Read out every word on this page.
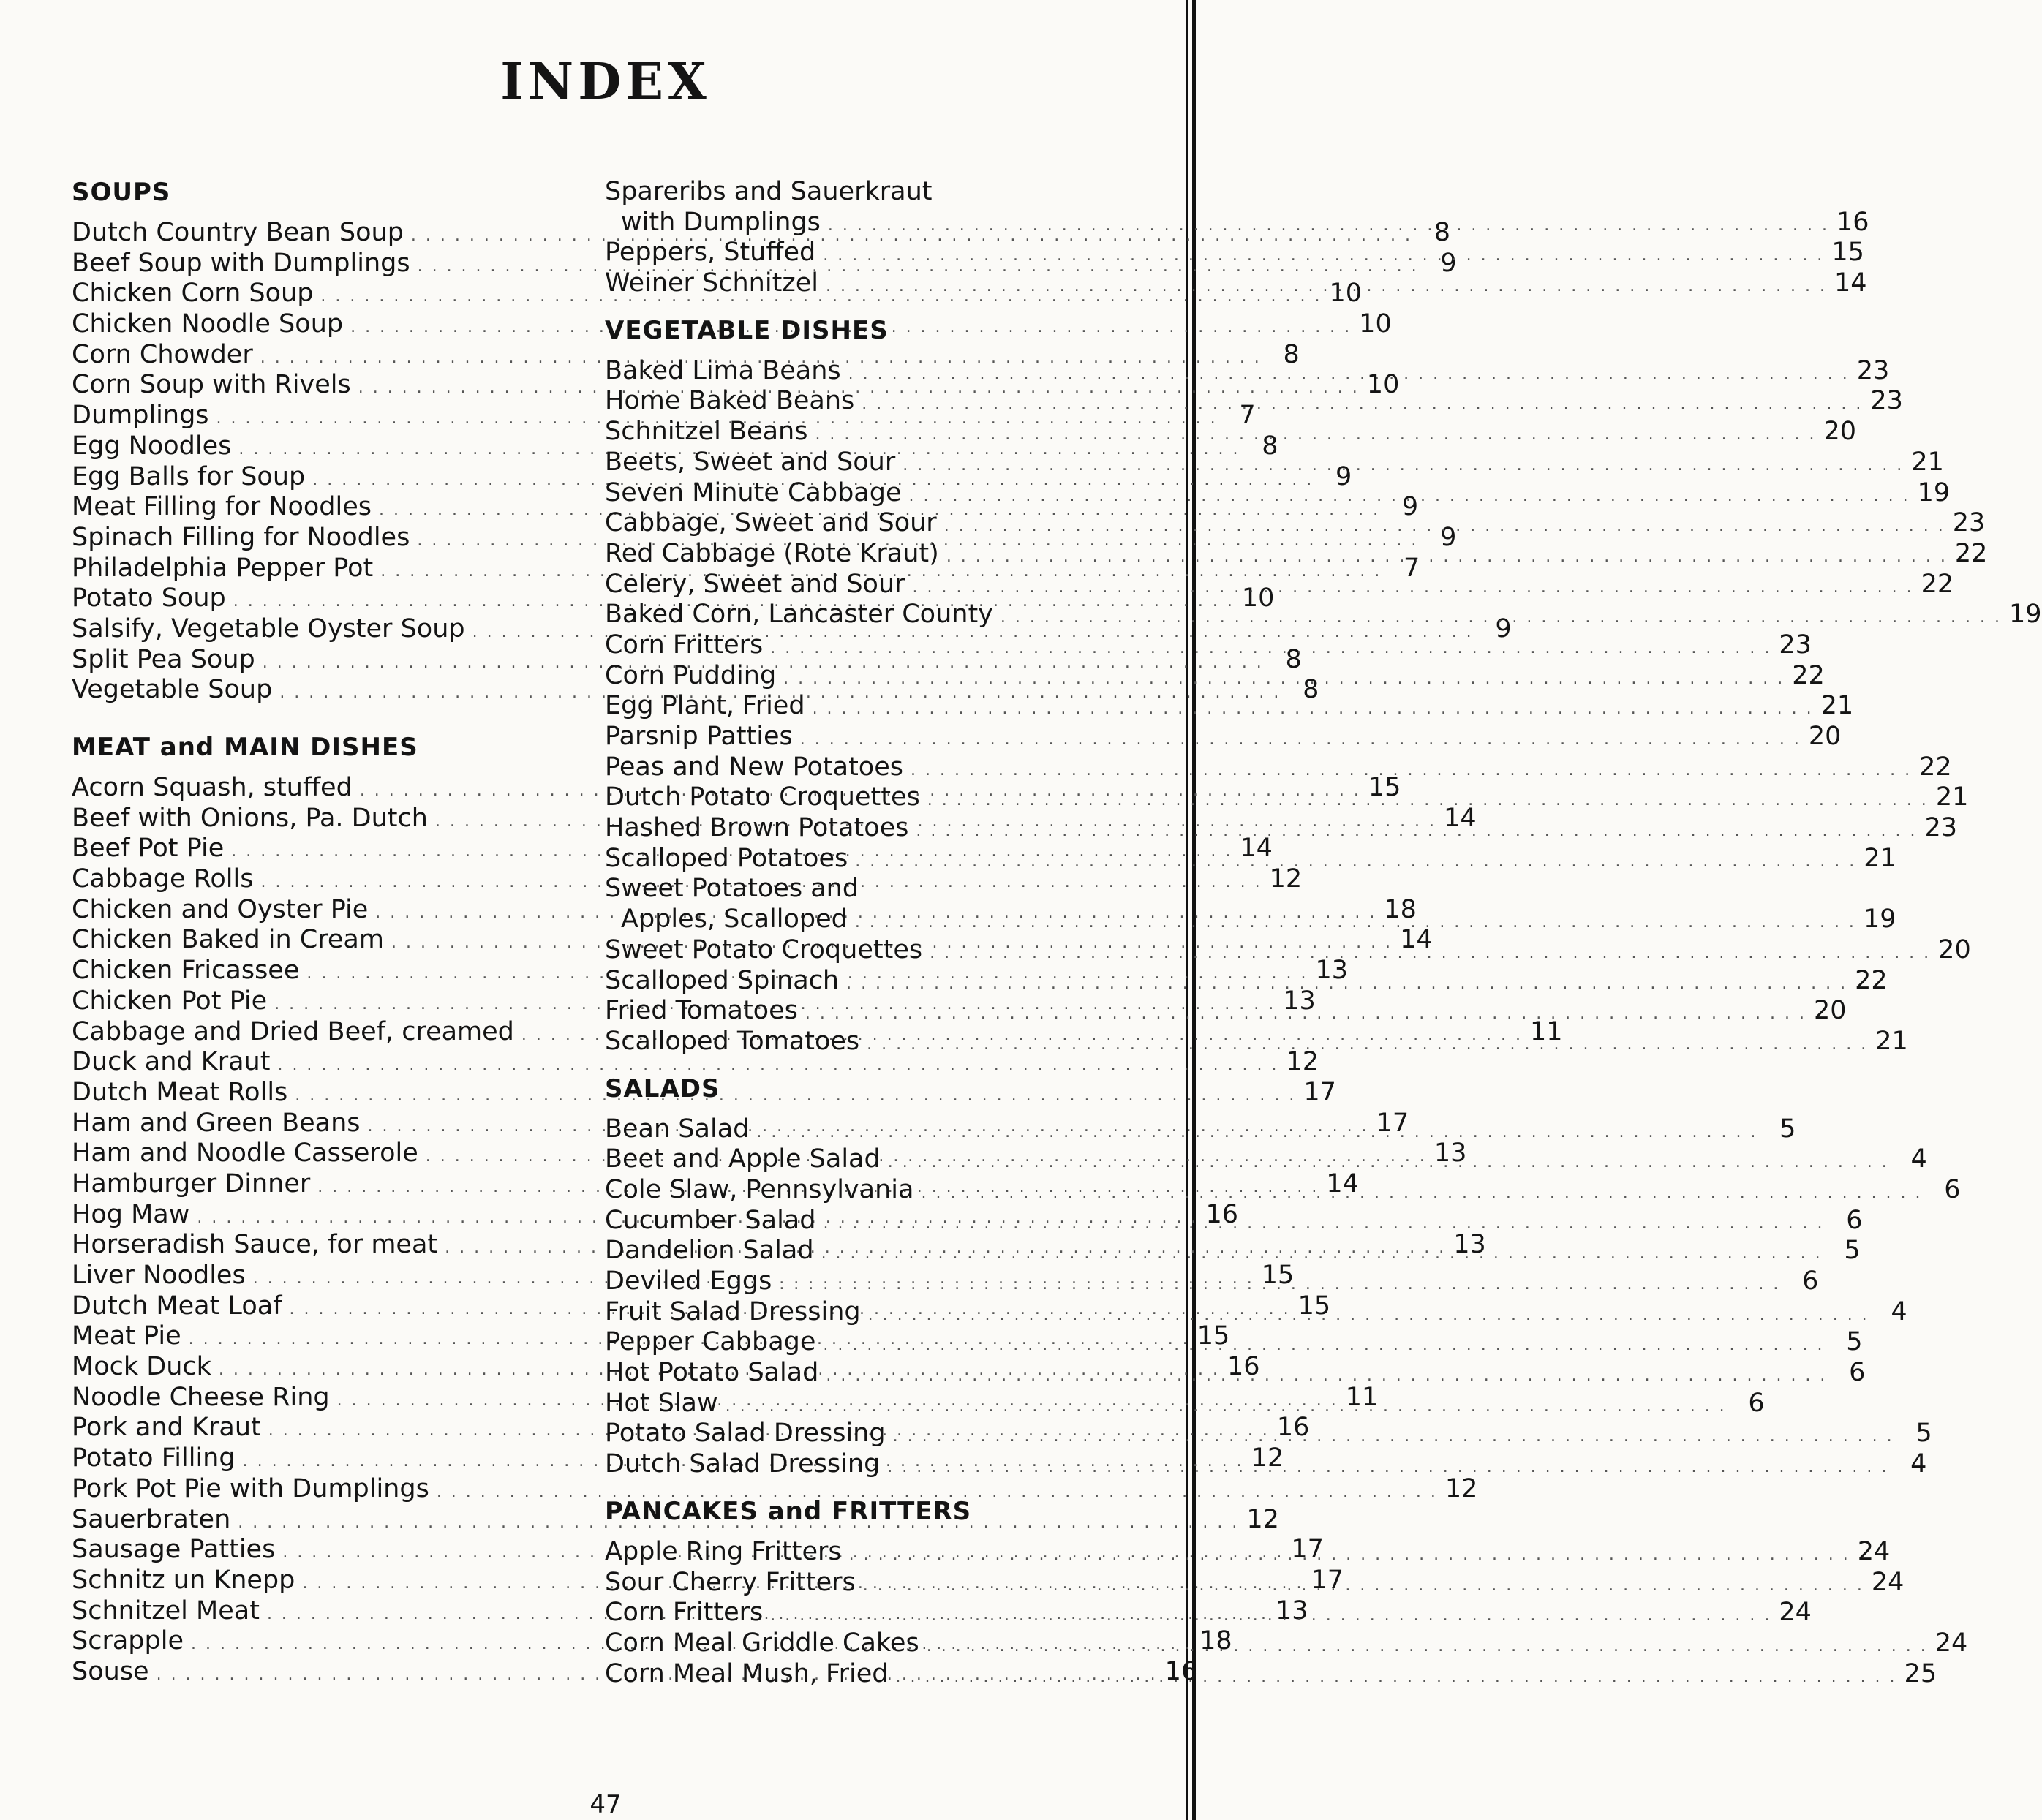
INDEX
SOUPS
Dutch Country Bean Soup . . .	8
Beef Soup with Dumplings . . .	9
Chicken Corn Soup . . .	10
Chicken Noodle Soup . . .	10
Corn Chowder . . .	8
Corn Soup with Rivels . . .	10
Dumplings . . .	7
Egg Noodles . . .	8
Egg Balls for Soup . . .	9
Meat Filling for Noodles . . .	9
Spinach Filling for Noodles . . .	9
Philadelphia Pepper Pot . . .	7
Potato Soup . . .	10
Salsify, Vegetable Oyster Soup . . .	9
Split Pea Soup . . .	8
Vegetable Soup . . .	8
MEAT and MAIN DISHES
Acorn Squash, stuffed . . .	15
Beef with Onions, Pa. Dutch . . .	14
Beef Pot Pie . . .	14
Cabbage Rolls . . .	12
Chicken and Oyster Pie . . .	18
Chicken Baked in Cream . . .	14
Chicken Fricassee . . .	13
Chicken Pot Pie . . .	13
Cabbage and Dried Beef, creamed . . .	11
Duck and Kraut . . .	12
Dutch Meat Rolls . . .	17
Ham and Green Beans . . .	17
Ham and Noodle Casserole . . .	13
Hamburger Dinner . . .	14
Hog Maw . . .	16
Horseradish Sauce, for meat . . .	13
Liver Noodles . . .	15
Dutch Meat Loaf . . .	15
Meat Pie . . .	15
Mock Duck . . .	16
Noodle Cheese Ring . . .	11
Pork and Kraut . . .	16
Potato Filling . . .	12
Pork Pot Pie with Dumplings . . .	12
Sauerbraten . . .	12
Sausage Patties . . .	17
Schnitz un Knepp . . .	17
Schnitzel Meat . . .	13
Scrapple . . .	18
Souse . . .	16
Spareribs and Sauerkraut
with Dumplings . . .	16
Peppers, Stuffed . . .	15
Weiner Schnitzel . . .	14
VEGETABLE DISHES
Baked Lima Beans . . .	23
Home Baked Beans . . .	23
Schnitzel Beans . . .	20
Beets, Sweet and Sour . . .	21
Seven Minute Cabbage . . .	19
Cabbage, Sweet and Sour . . .	23
Red Cabbage (Rote Kraut) . . .	22
Celery, Sweet and Sour . . .	22
Baked Corn, Lancaster County . . .	19
Corn Fritters . . .	23
Corn Pudding . . .	22
Egg Plant, Fried . . .	21
Parsnip Patties . . .	20
Peas and New Potatoes . . .	22
Dutch Potato Croquettes . . .	21
Hashed Brown Potatoes . . .	23
Scalloped Potatoes . . .	21
Sweet Potatoes and
Apples, Scalloped . . .	19
Sweet Potato Croquettes . . .	20
Scalloped Spinach . . .	22
Fried Tomatoes . . .	20
Scalloped Tomatoes . . .	21
SALADS
Bean Salad . . .	5
Beet and Apple Salad . . .	4
Cole Slaw, Pennsylvania . . .	6
Cucumber Salad . . .	6
Dandelion Salad . . .	5
Deviled Eggs . . .	6
Fruit Salad Dressing . . .	4
Pepper Cabbage . . .	5
Hot Potato Salad . . .	6
Hot Slaw . . .	6
Potato Salad Dressing . . .	5
Dutch Salad Dressing . . .	4
PANCAKES and FRITTERS
Apple Ring Fritters . . .	24
Sour Cherry Fritters . . .	24
Corn Fritters . . .	24
Corn Meal Griddle Cakes . . .	24
Corn Meal Mush, Fried . . .	25
47
